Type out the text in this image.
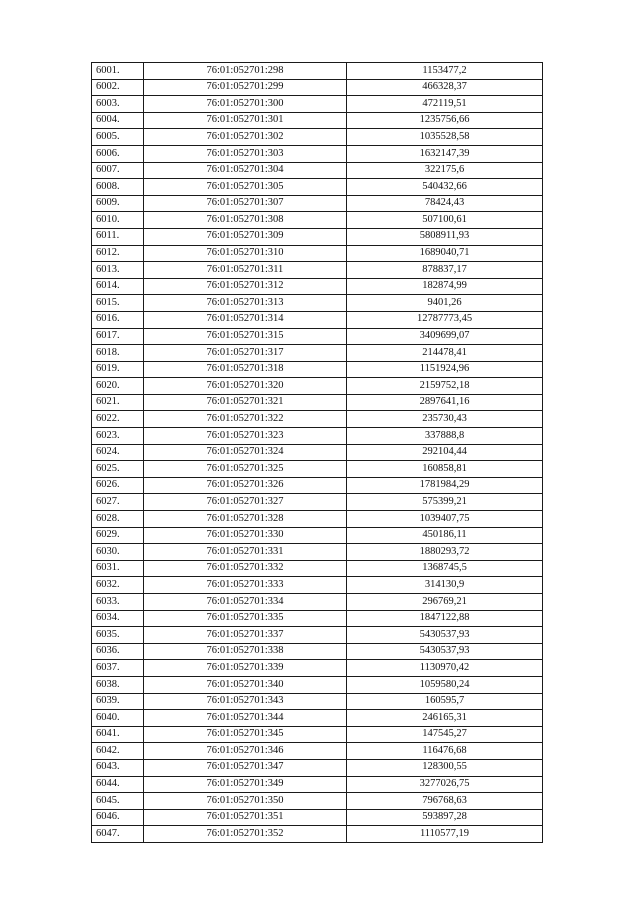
6001.	76:01:052701:298	1153477,2
6002.	76:01:052701:299	466328,37
6003.	76:01:052701:300	472119,51
6004.	76:01:052701:301	1235756,66
6005.	76:01:052701:302	1035528,58
6006.	76:01:052701:303	1632147,39
6007.	76:01:052701:304	322175,6
6008.	76:01:052701:305	540432,66
6009.	76:01:052701:307	78424,43
6010.	76:01:052701:308	507100,61
6011.	76:01:052701:309	5808911,93
6012.	76:01:052701:310	1689040,71
6013.	76:01:052701:311	878837,17
6014.	76:01:052701:312	182874,99
6015.	76:01:052701:313	9401,26
6016.	76:01:052701:314	12787773,45
6017.	76:01:052701:315	3409699,07
6018.	76:01:052701:317	214478,41
6019.	76:01:052701:318	1151924,96
6020.	76:01:052701:320	2159752,18
6021.	76:01:052701:321	2897641,16
6022.	76:01:052701:322	235730,43
6023.	76:01:052701:323	337888,8
6024.	76:01:052701:324	292104,44
6025.	76:01:052701:325	160858,81
6026.	76:01:052701:326	1781984,29
6027.	76:01:052701:327	575399,21
6028.	76:01:052701:328	1039407,75
6029.	76:01:052701:330	450186,11
6030.	76:01:052701:331	1880293,72
6031.	76:01:052701:332	1368745,5
6032.	76:01:052701:333	314130,9
6033.	76:01:052701:334	296769,21
6034.	76:01:052701:335	1847122,88
6035.	76:01:052701:337	5430537,93
6036.	76:01:052701:338	5430537,93
6037.	76:01:052701:339	1130970,42
6038.	76:01:052701:340	1059580,24
6039.	76:01:052701:343	160595,7
6040.	76:01:052701:344	246165,31
6041.	76:01:052701:345	147545,27
6042.	76:01:052701:346	116476,68
6043.	76:01:052701:347	128300,55
6044.	76:01:052701:349	3277026,75
6045.	76:01:052701:350	796768,63
6046.	76:01:052701:351	593897,28
6047.	76:01:052701:352	1110577,19
